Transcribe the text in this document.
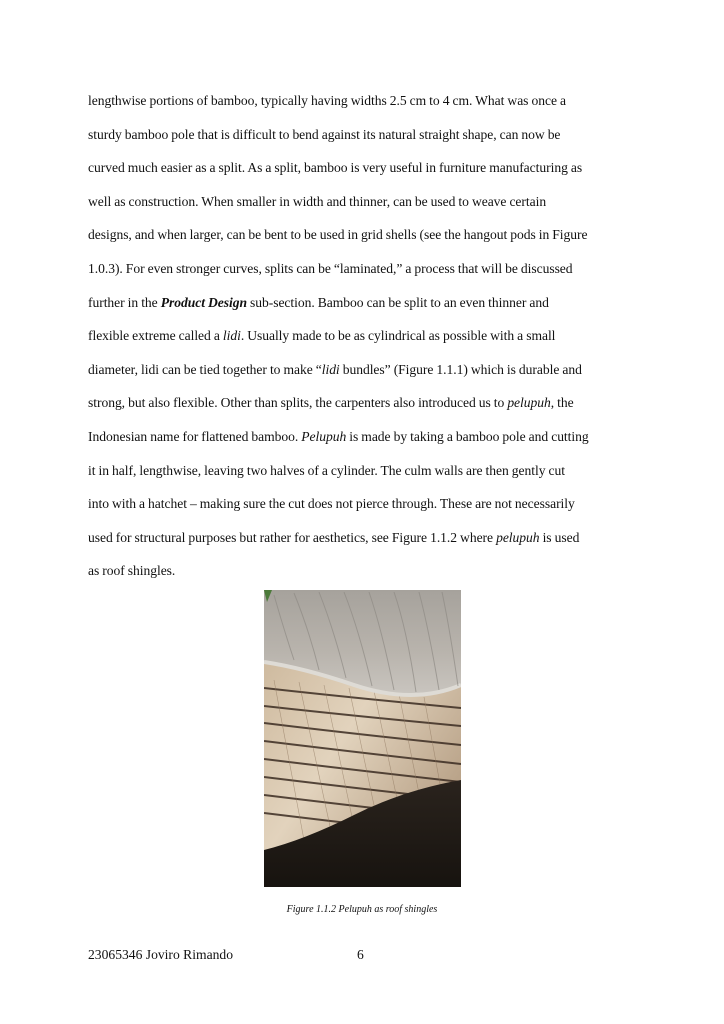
lengthwise portions of bamboo, typically having widths 2.5 cm to 4 cm. What was once a
sturdy bamboo pole that is difficult to bend against its natural straight shape, can now be
curved much easier as a split. As a split, bamboo is very useful in furniture manufacturing as
well as construction. When smaller in width and thinner, can be used to weave certain
designs, and when larger, can be bent to be used in grid shells (see the hangout pods in Figure
1.0.3). For even stronger curves, splits can be “laminated,” a process that will be discussed
further in the Product Design sub-section. Bamboo can be split to an even thinner and
flexible extreme called a lidi. Usually made to be as cylindrical as possible with a small
diameter, lidi can be tied together to make “lidi bundles” (Figure 1.1.1) which is durable and
strong, but also flexible. Other than splits, the carpenters also introduced us to pelupuh, the
Indonesian name for flattened bamboo. Pelupuh is made by taking a bamboo pole and cutting
it in half, lengthwise, leaving two halves of a cylinder. The culm walls are then gently cut
into with a hatchet – making sure the cut does not pierce through. These are not necessarily
used for structural purposes but rather for aesthetics, see Figure 1.1.2 where pelupuh is used
as roof shingles.

Figure 1.1.2 Pelupuh as roof shingles

23065346 Joviro Rimando	6
